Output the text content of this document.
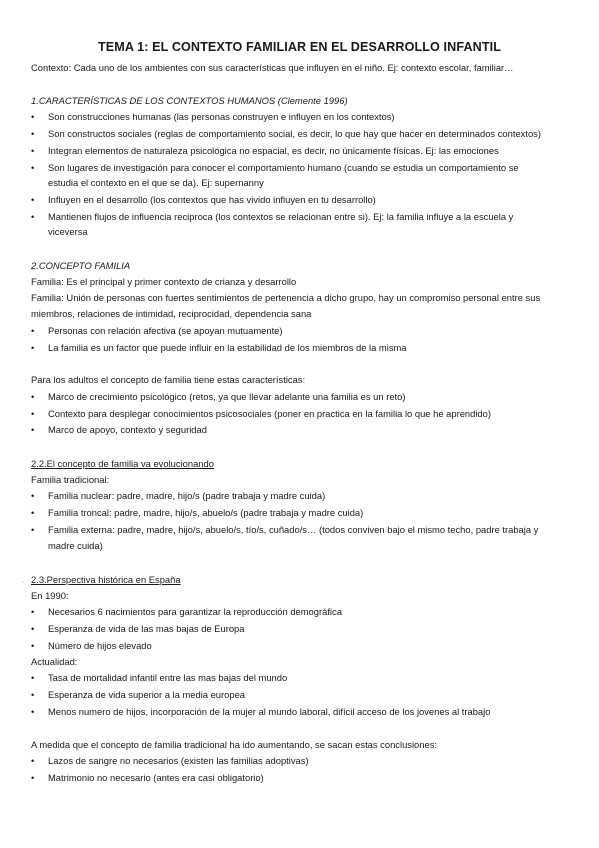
TEMA 1: EL CONTEXTO FAMILIAR EN EL DESARROLLO INFANTIL
Contexto: Cada uno de los ambientes con sus características que influyen en el niño. Ej: contexto escolar, familiar…
1.CARACTERÍSTICAS DE LOS CONTEXTOS HUMANOS (Clemente 1996)
• Son construcciones humanas (las personas construyen e influyen en los contextos)
• Son constructos sociales (reglas de comportamiento social, es decir, lo que hay que hacer en determinados contextos)
• Integran elementos de naturaleza psicológica no espacial, es decir, no únicamente físicas. Ej: las emociones
• Son lugares de investigación para conocer el comportamiento humano (cuando se estudia un comportamiento se
estudia el contexto en el que se da). Ej: supernanny
• Influyen en el desarrollo (los contextos que has vivido influyen en tu desarrollo)
• Mantienen flujos de influencia reciproca (los contextos se relacionan entre si). Ej: la familia influye a la escuela y
viceversa
2.CONCEPTO FAMILIA
Familia: Es el principal y primer contexto de crianza y desarrollo
Familia: Unión de personas con fuertes sentimientos de pertenencia a dicho grupo, hay un compromiso personal entre sus
miembros, relaciones de intimidad, reciprocidad, dependencia sana
• Personas con relación afectiva (se apoyan mutuamente)
• La familia es un factor que puede influir en la estabilidad de los miembros de la misma
Para los adultos el concepto de familia tiene estas características:
• Marco de crecimiento psicológico (retos, ya que llevar adelante una familia es un reto)
• Contexto para desplegar conocimientos psicosociales (poner en practica en la familia lo que he aprendido)
• Marco de apoyo, contexto y seguridad
2.2.El concepto de familia va evolucionando
Familia tradicional:
• Familia nuclear: padre, madre, hijo/s (padre trabaja y madre cuida)
• Familia troncal: padre, madre, hijo/s, abuelo/s (padre trabaja y madre cuida)
• Familia externa: padre, madre, hijo/s, abuelo/s, tío/s, cuñado/s… (todos conviven bajo el mismo techo, padre trabaja y
madre cuida)
· 2.3.Perspectiva histórica en España
En 1990:
• Necesarios 6 nacimientos para garantizar la reproducción demográfica
• Esperanza de vida de las mas bajas de Europa
• Número de hijos elevado
Actualidad:
• Tasa de mortalidad infantil entre las mas bajas del mundo
• Esperanza de vida superior a la media europea
• Menos numero de hijos, incorporación de la mujer al mundo laboral, difícil acceso de los jovenes al trabajo
A medida que el concepto de familia tradicional ha ido aumentando, se sacan estas conclusiones:
• Lazos de sangre no necesarios (existen las familias adoptivas)
• Matrimonio no necesario (antes era casi obligatorio)
